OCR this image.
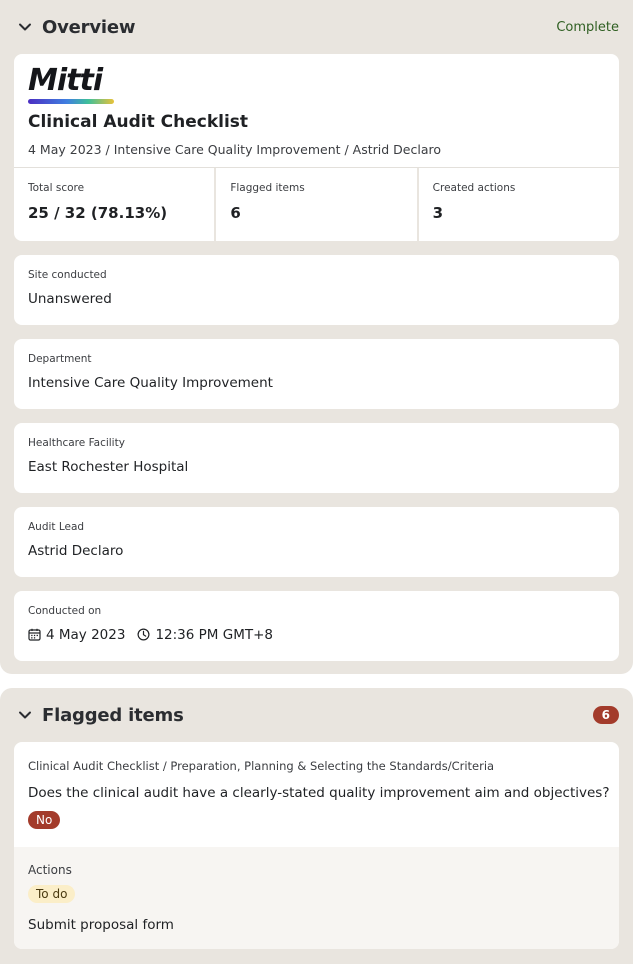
Overview	Complete
Mitti
Clinical Audit Checklist
4 May 2023 / Intensive Care Quality Improvement / Astrid Declaro
Total score
25 / 32 (78.13%)
Flagged items
6
Created actions
3
Site conducted
Unanswered
Department
Intensive Care Quality Improvement
Healthcare Facility
East Rochester Hospital
Audit Lead
Astrid Declaro
Conducted on
4 May 2023 12:36 PM GMT+8
Flagged items	6
Clinical Audit Checklist / Preparation, Planning & Selecting the Standards/Criteria
Does the clinical audit have a clearly-stated quality improvement aim and objectives?
No
Actions
To do
Submit proposal form
